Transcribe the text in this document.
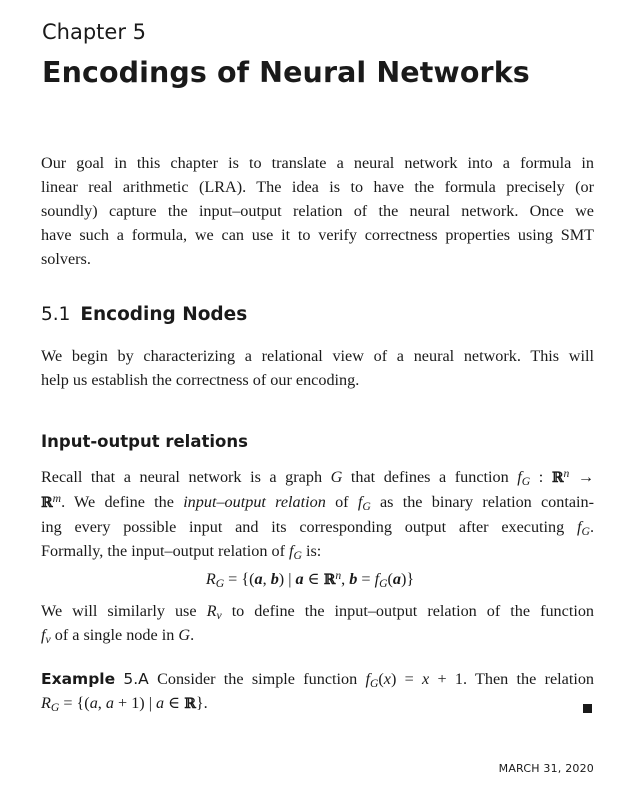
Chapter 5
Encodings of Neural Networks
Our goal in this chapter is to translate a neural network into a formula in
linear real arithmetic (LRA). The idea is to have the formula precisely (or
soundly) capture the input–output relation of the neural network. Once we
have such a formula, we can use it to verify correctness properties using SMT
solvers.
5.1 Encoding Nodes
We begin by characterizing a relational view of a neural network. This will
help us establish the correctness of our encoding.
Input-output relations
Recall that a neural network is a graph G that defines a function $f_G$ : ℝ$^n$ →
ℝ$^m$. We define the input–output relation of $f_G$ as the binary relation contain-
ing every possible input and its corresponding output after executing $f_G$.
Formally, the input–output relation of $f_G$ is:
$R_G = \{(a$, b) | a ∈ ℝ$^n$, $b = f_G(a)$}
We will similarly use $R_v$ to define the input–output relation of the function
$f_v$ of a single node in G.
Example 5.A Consider the simple function $f_G(x) = x + 1$. Then the relation
$R_G = \{(a$, a + 1) | a ∈ ℝ}.
MARCH 31, 2020
